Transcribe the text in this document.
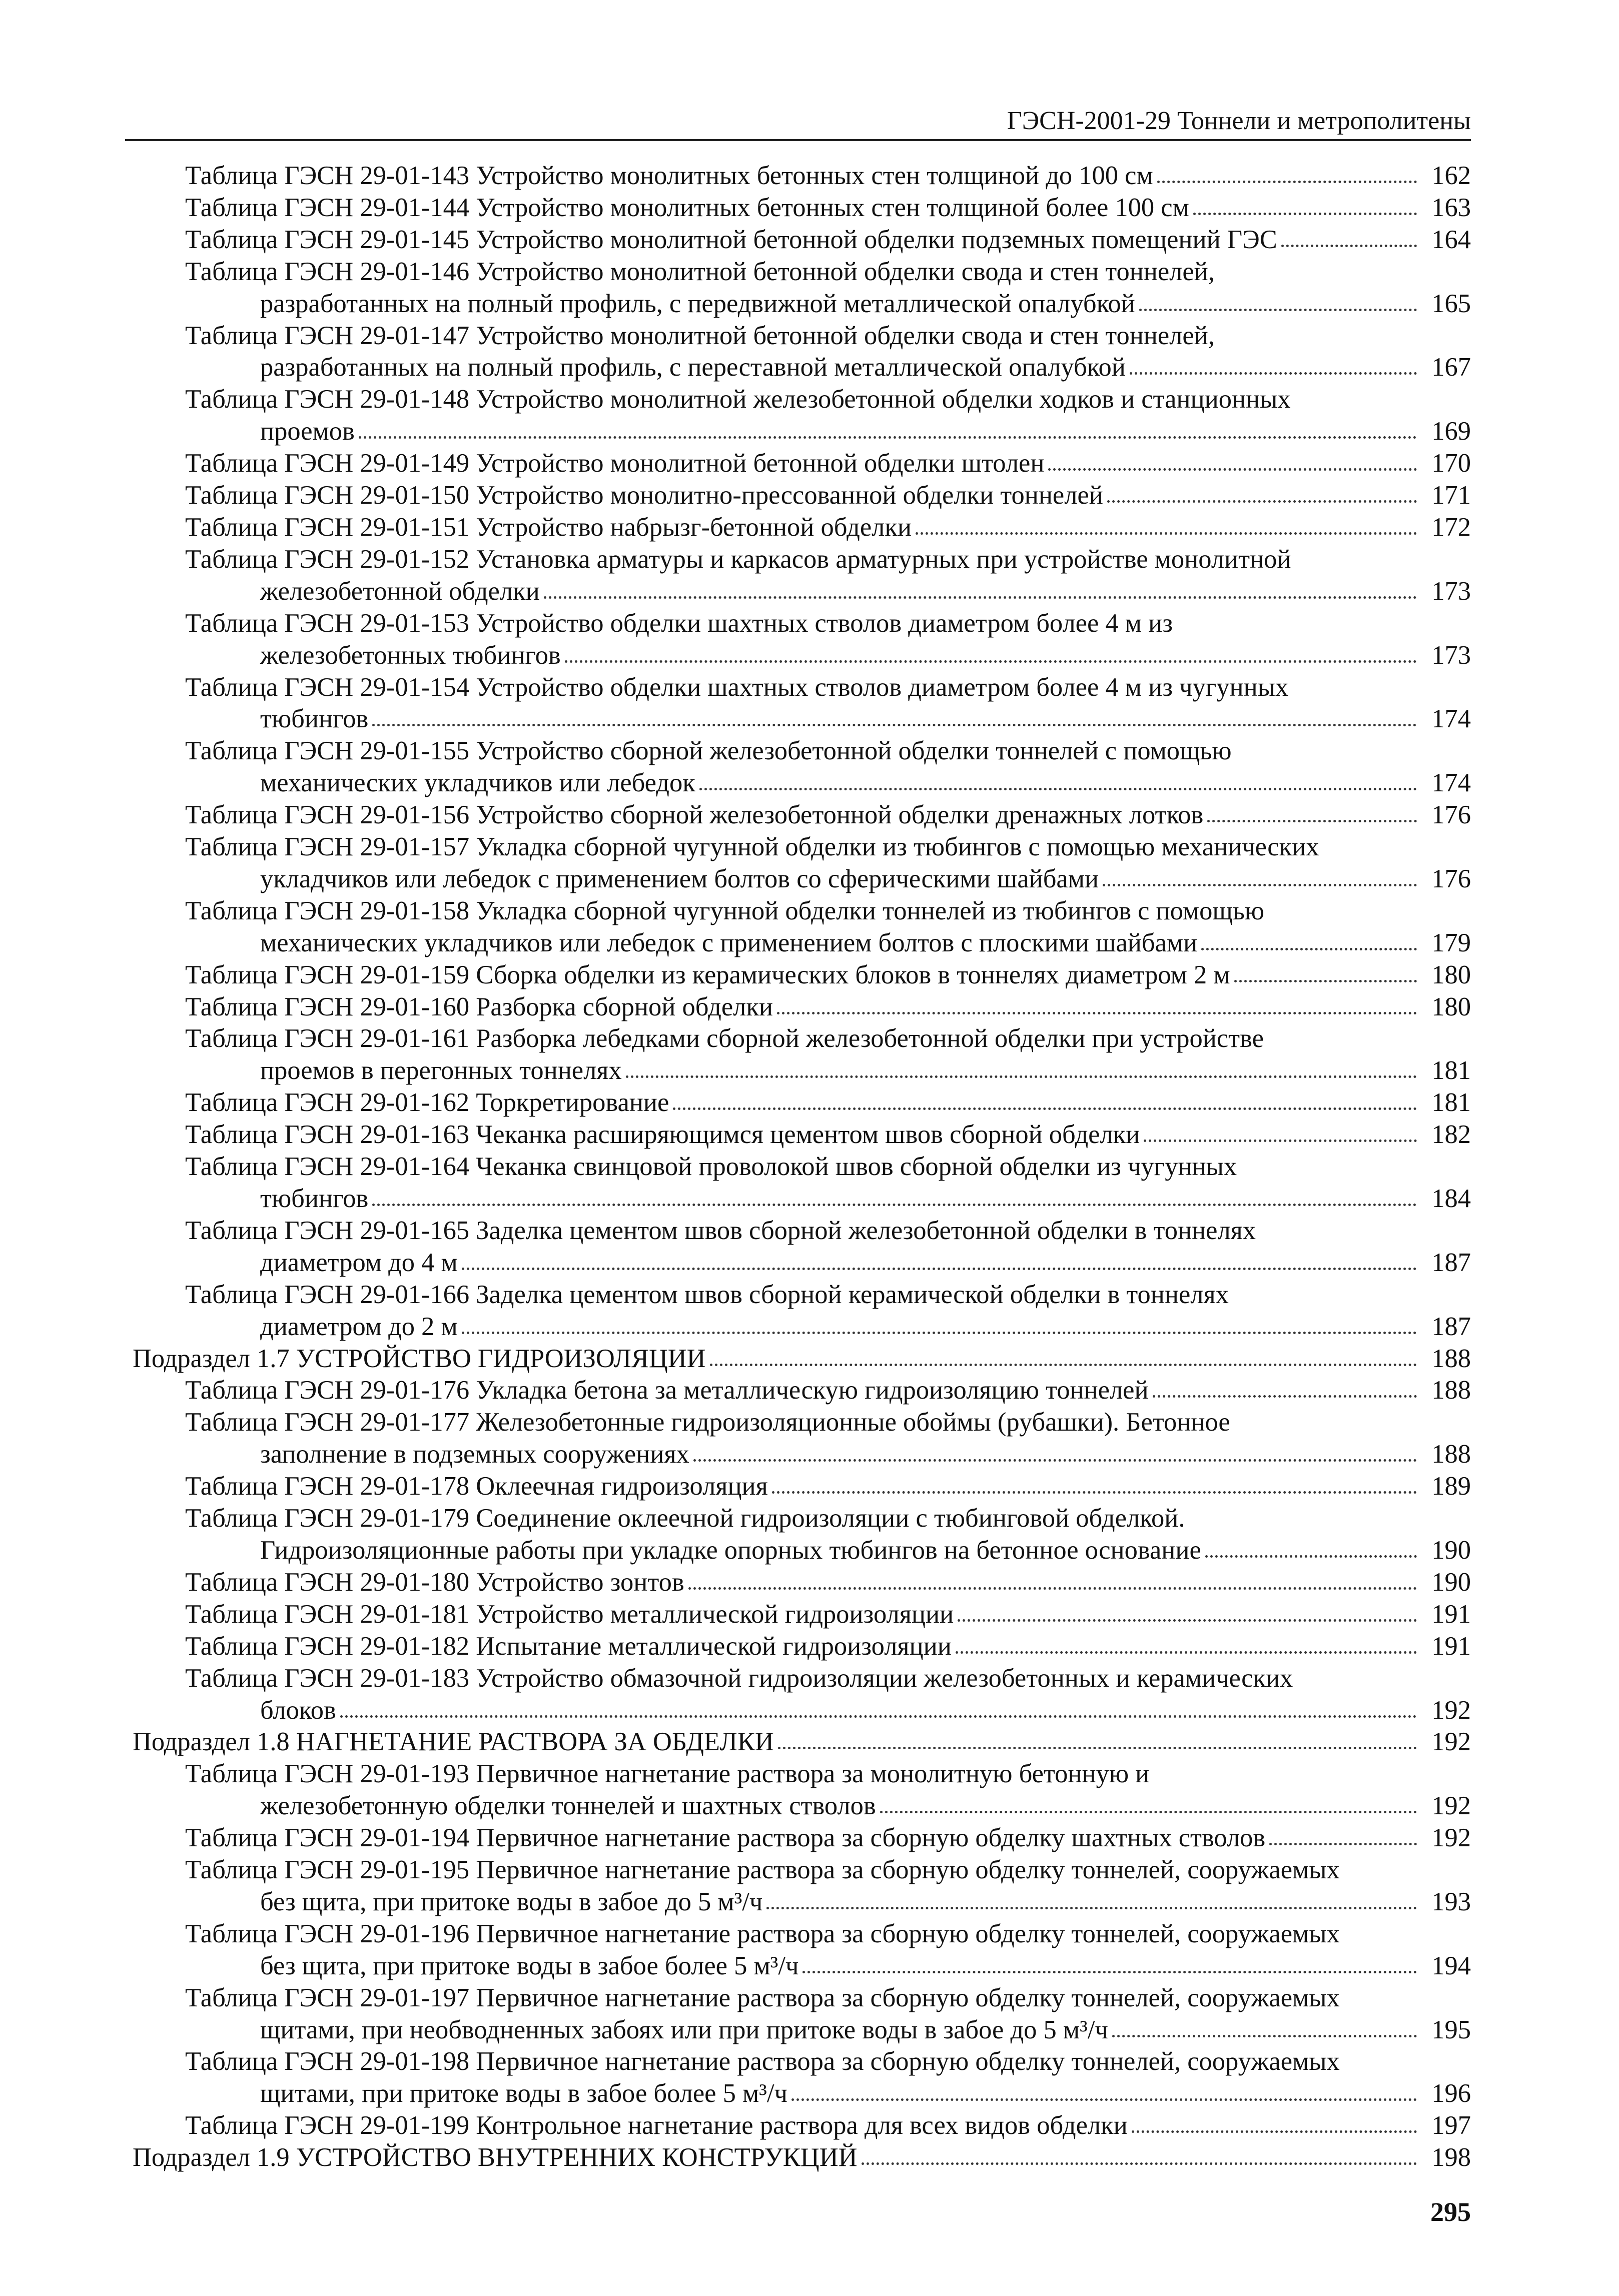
ГЭСН-2001-29 Тоннели и метрополитены
Таблица ГЭСН 29-01-143 Устройство монолитных бетонных стен толщиной до 100 см	162
Таблица ГЭСН 29-01-144 Устройство монолитных бетонных стен толщиной более 100 см	163
Таблица ГЭСН 29-01-145 Устройство монолитной бетонной обделки подземных помещений ГЭС	164
Таблица ГЭСН 29-01-146 Устройство монолитной бетонной обделки свода и стен тоннелей,
разработанных на полный профиль, с передвижной металлической опалубкой	165
Таблица ГЭСН 29-01-147 Устройство монолитной бетонной обделки свода и стен тоннелей,
разработанных на полный профиль, с переставной металлической опалубкой	167
Таблица ГЭСН 29-01-148 Устройство монолитной железобетонной обделки ходков и станционных
проемов	169
Таблица ГЭСН 29-01-149 Устройство монолитной бетонной обделки штолен	170
Таблица ГЭСН 29-01-150 Устройство монолитно-прессованной обделки тоннелей	171
Таблица ГЭСН 29-01-151 Устройство набрызг-бетонной обделки	172
Таблица ГЭСН 29-01-152 Установка арматуры и каркасов арматурных при устройстве монолитной
железобетонной обделки	173
Таблица ГЭСН 29-01-153 Устройство обделки шахтных стволов диаметром более 4 м из
железобетонных тюбингов	173
Таблица ГЭСН 29-01-154 Устройство обделки шахтных стволов диаметром более 4 м из чугунных
тюбингов	174
Таблица ГЭСН 29-01-155 Устройство сборной железобетонной обделки тоннелей с помощью
механических укладчиков или лебедок	174
Таблица ГЭСН 29-01-156 Устройство сборной железобетонной обделки дренажных лотков	176
Таблица ГЭСН 29-01-157 Укладка сборной чугунной обделки из тюбингов с помощью механических
укладчиков или лебедок с применением болтов со сферическими шайбами	176
Таблица ГЭСН 29-01-158 Укладка сборной чугунной обделки тоннелей из тюбингов с помощью
механических укладчиков или лебедок с применением болтов с плоскими шайбами	179
Таблица ГЭСН 29-01-159 Сборка обделки из керамических блоков в тоннелях диаметром 2 м	180
Таблица ГЭСН 29-01-160 Разборка сборной обделки	180
Таблица ГЭСН 29-01-161 Разборка лебедками сборной железобетонной обделки при устройстве
проемов в перегонных тоннелях	181
Таблица ГЭСН 29-01-162 Торкретирование	181
Таблица ГЭСН 29-01-163 Чеканка расширяющимся цементом швов сборной обделки	182
Таблица ГЭСН 29-01-164 Чеканка свинцовой проволокой швов сборной обделки из чугунных
тюбингов	184
Таблица ГЭСН 29-01-165 Заделка цементом швов сборной железобетонной обделки в тоннелях
диаметром до 4 м	187
Таблица ГЭСН 29-01-166 Заделка цементом швов сборной керамической обделки в тоннелях
диаметром до 2 м	187
Подраздел 1.7 УСТРОЙСТВО ГИДРОИЗОЛЯЦИИ	188
Таблица ГЭСН 29-01-176 Укладка бетона за металлическую гидроизоляцию тоннелей	188
Таблица ГЭСН 29-01-177 Железобетонные гидроизоляционные обоймы (рубашки). Бетонное
заполнение в подземных сооружениях	188
Таблица ГЭСН 29-01-178 Оклеечная гидроизоляция	189
Таблица ГЭСН 29-01-179 Соединение оклеечной гидроизоляции с тюбинговой обделкой.
Гидроизоляционные работы при укладке опорных тюбингов на бетонное основание	190
Таблица ГЭСН 29-01-180 Устройство зонтов	190
Таблица ГЭСН 29-01-181 Устройство металлической гидроизоляции	191
Таблица ГЭСН 29-01-182 Испытание металлической гидроизоляции	191
Таблица ГЭСН 29-01-183 Устройство обмазочной гидроизоляции железобетонных и керамических
блоков	192
Подраздел 1.8 НАГНЕТАНИЕ РАСТВОРА ЗА ОБДЕЛКИ	192
Таблица ГЭСН 29-01-193 Первичное нагнетание раствора за монолитную бетонную и
железобетонную обделки тоннелей и шахтных стволов	192
Таблица ГЭСН 29-01-194 Первичное нагнетание раствора за сборную обделку шахтных стволов	192
Таблица ГЭСН 29-01-195 Первичное нагнетание раствора за сборную обделку тоннелей, сооружаемых
без щита, при притоке воды в забое до 5 м³/ч	193
Таблица ГЭСН 29-01-196 Первичное нагнетание раствора за сборную обделку тоннелей, сооружаемых
без щита, при притоке воды в забое более 5 м³/ч	194
Таблица ГЭСН 29-01-197 Первичное нагнетание раствора за сборную обделку тоннелей, сооружаемых
щитами, при необводненных забоях или при притоке воды в забое до 5 м³/ч	195
Таблица ГЭСН 29-01-198 Первичное нагнетание раствора за сборную обделку тоннелей, сооружаемых
щитами, при притоке воды в забое более 5 м³/ч	196
Таблица ГЭСН 29-01-199 Контрольное нагнетание раствора для всех видов обделки	197
Подраздел 1.9 УСТРОЙСТВО ВНУТРЕННИХ КОНСТРУКЦИЙ	198
295
